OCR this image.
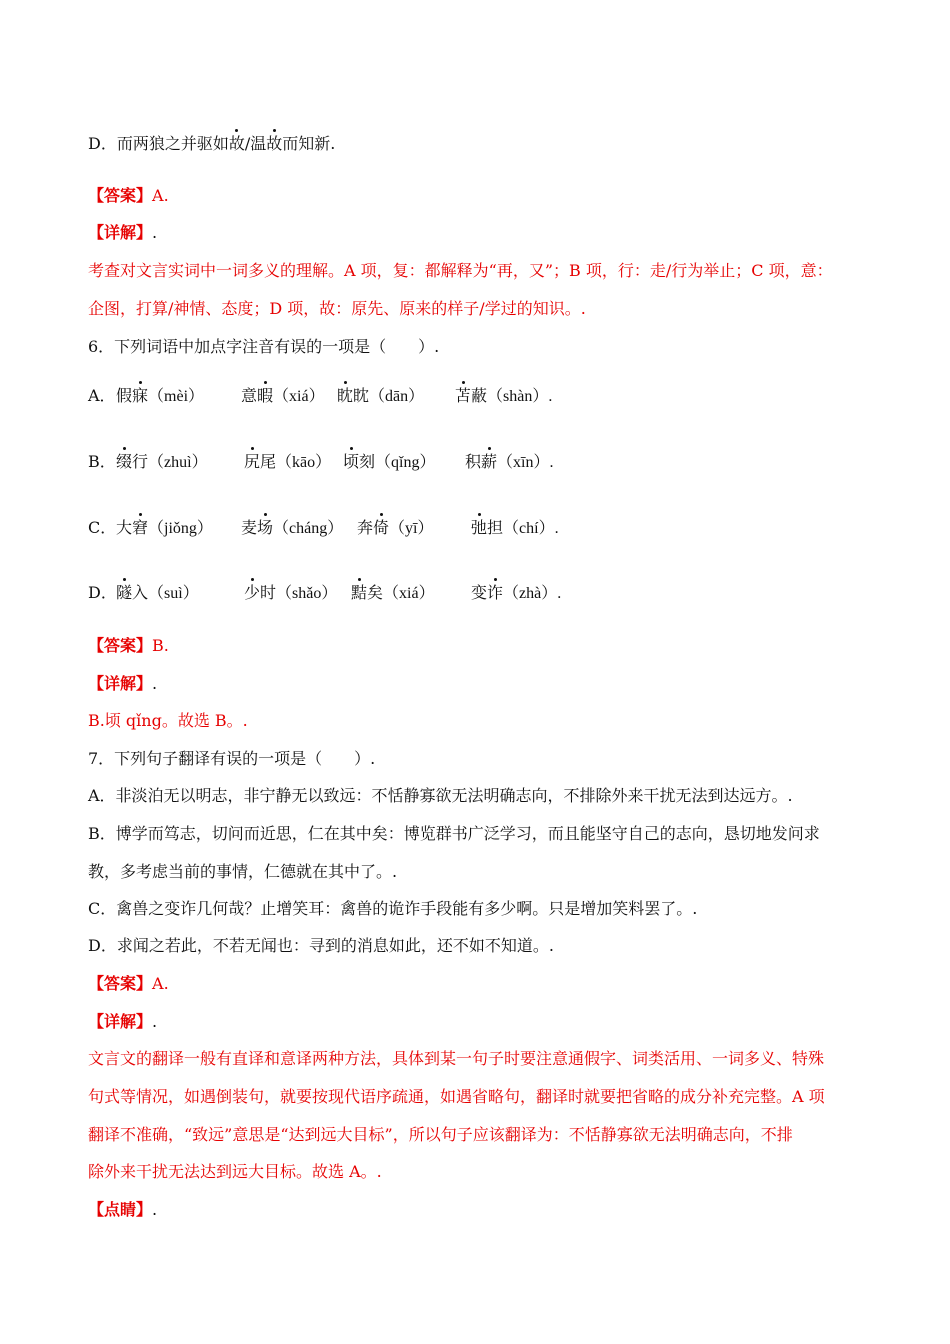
D．而两狼之并驱如故/温故而知新.
【答案】A.
【详解】.
考查对文言实词中一词多义的理解。A 项，复：都解释为“再，又”；B 项，行：走/行为举止；C 项，意：
企图，打算/神情、态度；D 项，故：原先、原来的样子/学过的知识。.
6．下列词语中加点字注音有误的一项是（　　）.
A． 假寐（mèi） 意暇（xiá） 眈眈（dān） 苫蔽（shàn）.
B． 缀行（zhuì） 尻尾（kāo） 顷刻（qǐng） 积薪（xīn）.
C． 大窘（jiǒng） 麦场（cháng） 奔倚（yī） 弛担（chí）.
D． 隧入（suì）	少时（shǎo） 黠矣（xiá） 变诈（zhà）.
【答案】B.
【详解】.
B.顷 qǐng。故选 B。.
7．下列句子翻译有误的一项是（　　）.
A．非淡泊无以明志，非宁静无以致远：不恬静寡欲无法明确志向，不排除外来干扰无法到达远方。.
B．博学而笃志，切问而近思，仁在其中矣：博览群书广泛学习，而且能坚守自己的志向，恳切地发问求
教，多考虑当前的事情，仁德就在其中了。.
C．禽兽之变诈几何哉？止增笑耳：禽兽的诡诈手段能有多少啊。只是增加笑料罢了。.
D．求闻之若此，不若无闻也：寻到的消息如此，还不如不知道。.
【答案】A.
【详解】.
文言文的翻译一般有直译和意译两种方法，具体到某一句子时要注意通假字、词类活用、一词多义、特殊
句式等情况，如遇倒装句，就要按现代语序疏通，如遇省略句，翻译时就要把省略的成分补充完整。A 项
翻译不准确，“致远”意思是“达到远大目标”，所以句子应该翻译为：不恬静寡欲无法明确志向，不排
除外来干扰无法达到远大目标。故选 A。.
【点睛】.
